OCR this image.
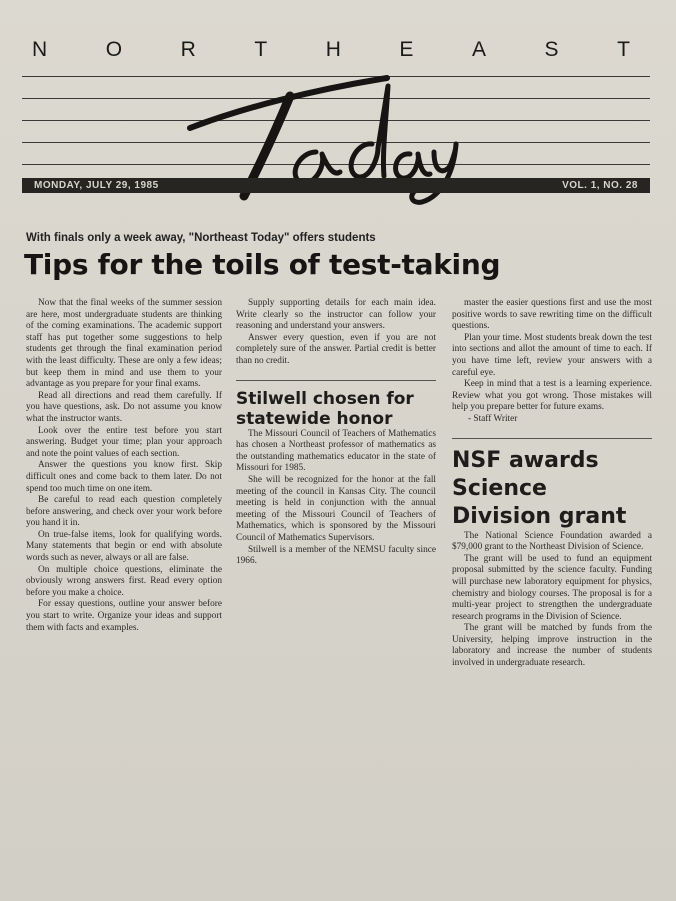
N	O	R	T	H	E	A	S	T
MONDAY, JULY 29, 1985	VOL. 1, NO. 28
With finals only a week away, "Northeast Today" offers students
Tips for the toils of test-taking

Now that the final weeks of the summer session are here, most undergraduate students are thinking of the coming examinations. The academic support staff has put together some suggestions to help students get through the final examination period with the least difficulty. These are only a few ideas; but keep them in mind and use them to your advantage as you prepare for your final exams.

Read all directions and read them carefully. If you have questions, ask. Do not assume you know what the instructor wants.

Look over the entire test before you start answering. Budget your time; plan your approach and note the point values of each section.

Answer the questions you know first. Skip difficult ones and come back to them later. Do not spend too much time on one item.

Be careful to read each question completely before answering, and check over your work before you hand it in.

On true-false items, look for qualifying words. Many statements that begin or end with absolute words such as never, always or all are false.

On multiple choice questions, eliminate the obviously wrong answers first. Read every option before you make a choice.

For essay questions, outline your answer before you start to write. Organize your ideas and support them with facts and examples.

Supply supporting details for each main idea. Write clearly so the instructor can follow your reasoning and understand your answers.

Answer every question, even if you are not completely sure of the answer. Partial credit is better than no credit.

Stilwell chosen for statewide honor

The Missouri Council of Teachers of Mathematics has chosen a Northeast professor of mathematics as the outstanding mathematics educator in the state of Missouri for 1985.

She will be recognized for the honor at the fall meeting of the council in Kansas City. The council meeting is held in conjunction with the annual meeting of the Missouri Council of Teachers of Mathematics, which is sponsored by the Missouri Council of Mathematics Supervisors.

Stilwell is a member of the NEMSU faculty since 1966.

master the easier questions first and use the most positive words to save rewriting time on the difficult questions.

Plan your time. Most students break down the test into sections and allot the amount of time to each. If you have time left, review your answers with a careful eye.

Keep in mind that a test is a learning experience. Review what you got wrong. Those mistakes will help you prepare better for future exams.

- Staff Writer

NSF awards Science Division grant

The National Science Foundation awarded a $79,000 grant to the Northeast Division of Science.

The grant will be used to fund an equipment proposal submitted by the science faculty. Funding will purchase new laboratory equipment for physics, chemistry and biology courses. The proposal is for a multi-year project to strengthen the undergraduate research programs in the Division of Science.

The grant will be matched by funds from the University, helping improve instruction in the laboratory and increase the number of students involved in undergraduate research.
